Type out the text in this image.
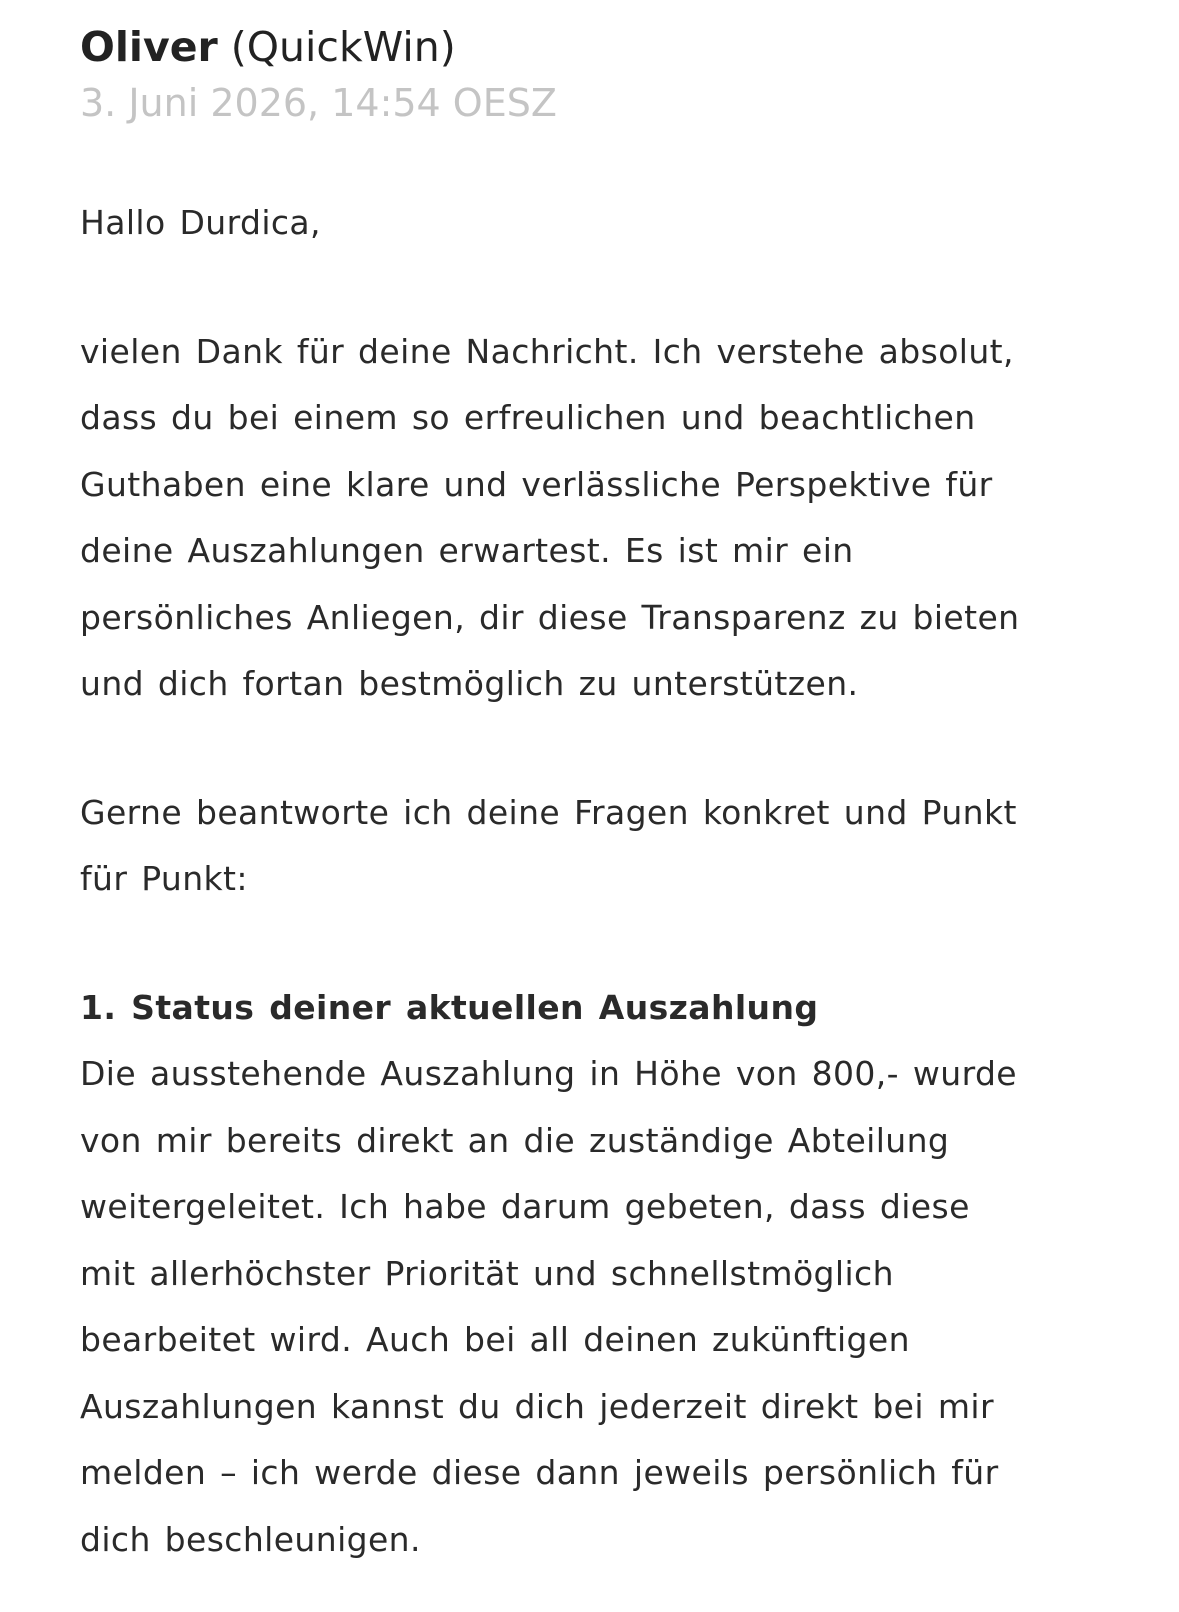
Oliver (QuickWin)
3. Juni 2026, 14:54 OESZ
Hallo Durdica,
vielen Dank für deine Nachricht. Ich verstehe absolut,
dass du bei einem so erfreulichen und beachtlichen
Guthaben eine klare und verlässliche Perspektive für
deine Auszahlungen erwartest. Es ist mir ein
persönliches Anliegen, dir diese Transparenz zu bieten
und dich fortan bestmöglich zu unterstützen.
Gerne beantworte ich deine Fragen konkret und Punkt
für Punkt:
1. Status deiner aktuellen Auszahlung
Die ausstehende Auszahlung in Höhe von 800,- wurde
von mir bereits direkt an die zuständige Abteilung
weitergeleitet. Ich habe darum gebeten, dass diese
mit allerhöchster Priorität und schnellstmöglich
bearbeitet wird. Auch bei all deinen zukünftigen
Auszahlungen kannst du dich jederzeit direkt bei mir
melden – ich werde diese dann jeweils persönlich für
dich beschleunigen.
